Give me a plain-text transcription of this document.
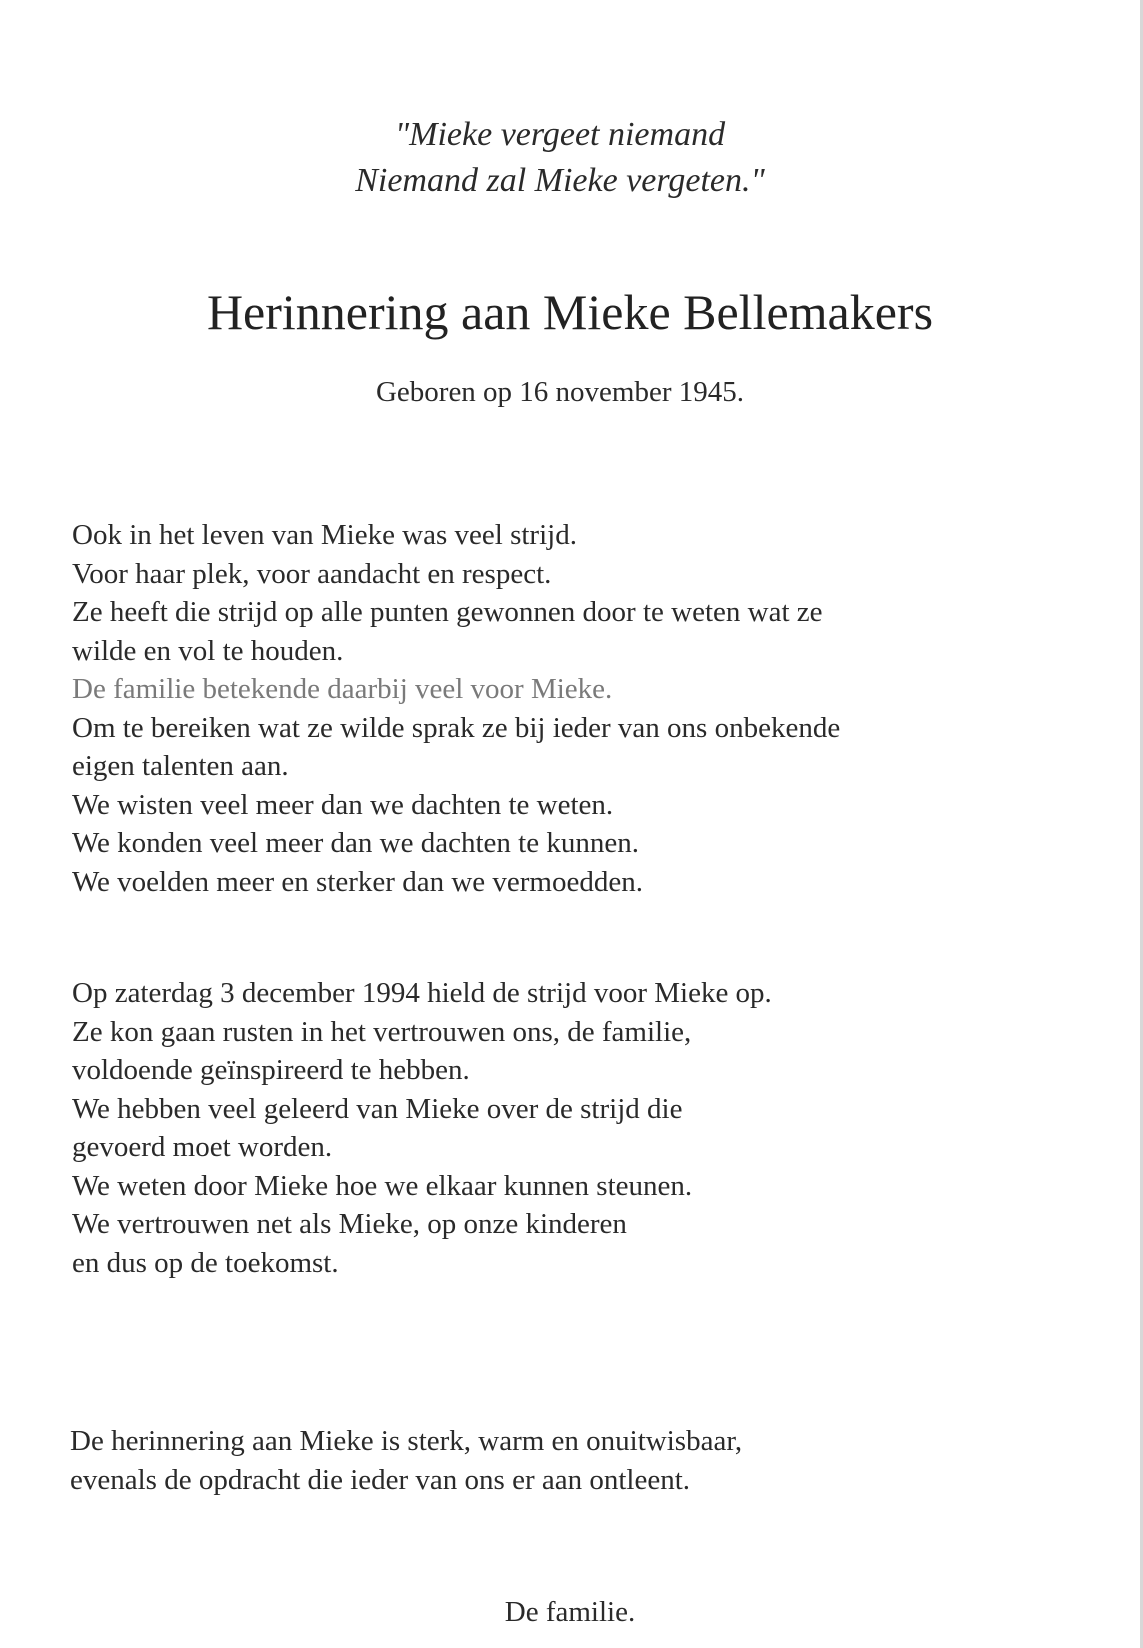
"Mieke vergeet niemand
Niemand zal Mieke vergeten."
Herinnering aan Mieke Bellemakers
Geboren op 16 november 1945.
Ook in het leven van Mieke was veel strijd.
Voor haar plek, voor aandacht en respect.
Ze heeft die strijd op alle punten gewonnen door te weten wat ze
wilde en vol te houden.
De familie betekende daarbij veel voor Mieke.
Om te bereiken wat ze wilde sprak ze bij ieder van ons onbekende
eigen talenten aan.
We wisten veel meer dan we dachten te weten.
We konden veel meer dan we dachten te kunnen.
We voelden meer en sterker dan we vermoedden.
Op zaterdag 3 december 1994 hield de strijd voor Mieke op.
Ze kon gaan rusten in het vertrouwen ons, de familie,
voldoende geïnspireerd te hebben.
We hebben veel geleerd van Mieke over de strijd die
gevoerd moet worden.
We weten door Mieke hoe we elkaar kunnen steunen.
We vertrouwen net als Mieke, op onze kinderen
en dus op de toekomst.
De herinnering aan Mieke is sterk, warm en onuitwisbaar,
evenals de opdracht die ieder van ons er aan ontleent.
De familie.
